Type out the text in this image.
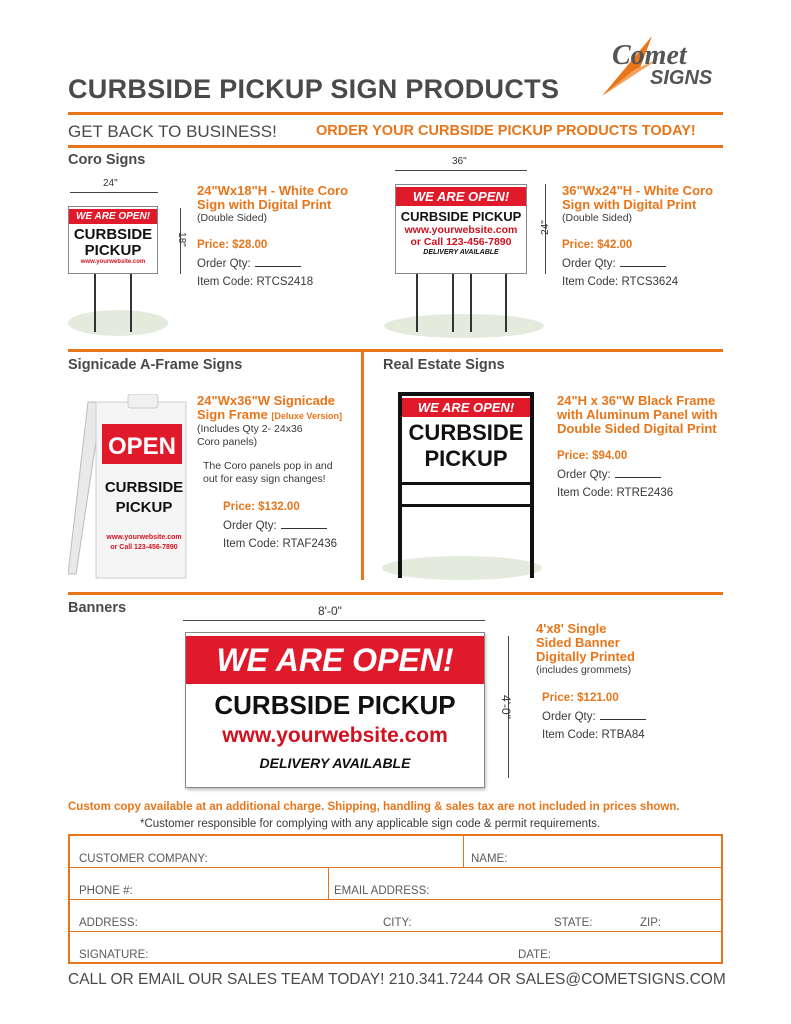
Comet
SIGNS
CURBSIDE PICKUP SIGN PRODUCTS
GET BACK TO BUSINESS!	ORDER YOUR CURBSIDE PICKUP PRODUCTS TODAY!
Coro Signs
24"
18"
WE ARE OPEN!
CURBSIDE
PICKUP
www.yourwebsite.com
24"Wx18"H - White Coro
Sign with Digital Print
(Double Sided)
Price: $28.00
Order Qty:
Item Code: RTCS2418
36"
24"
WE ARE OPEN!
CURBSIDE PICKUP
www.yourwebsite.com
or Call 123-456-7890
DELIVERY AVAILABLE
36"Wx24"H - White Coro
Sign with Digital Print
(Double Sided)
Price: $42.00
Order Qty:
Item Code: RTCS3624
Signicade A-Frame Signs
OPEN
CURBSIDE
PICKUP
www.yourwebsite.com
or Call 123-456-7890
24"Wx36"W Signicade
Sign Frame [Deluxe Version]
(Includes Qty 2- 24x36
Coro panels)
The Coro panels pop in and
out for easy sign changes!
Price: $132.00
Order Qty:
Item Code: RTAF2436
Real Estate Signs
WE ARE OPEN!
CURBSIDE
PICKUP
24"H x 36"W Black Frame
with Aluminum Panel with
Double Sided Digital Print
Price: $94.00
Order Qty:
Item Code: RTRE2436
Banners	8'-0"
4'-0"
WE ARE OPEN!
CURBSIDE PICKUP
www.yourwebsite.com
DELIVERY AVAILABLE
4'x8' Single
Sided Banner
Digitally Printed
(includes grommets)
Price: $121.00
Order Qty:
Item Code: RTBA84
Custom copy available at an additional charge. Shipping, handling & sales tax are not included in prices shown.
*Customer responsible for complying with any applicable sign code & permit requirements.
CUSTOMER COMPANY:	NAME:
PHONE #:	EMAIL ADDRESS:
ADDRESS:	CITY:	STATE:	ZIP:
SIGNATURE:	DATE:
CALL OR EMAIL OUR SALES TEAM TODAY! 210.341.7244 OR SALES@COMETSIGNS.COM
